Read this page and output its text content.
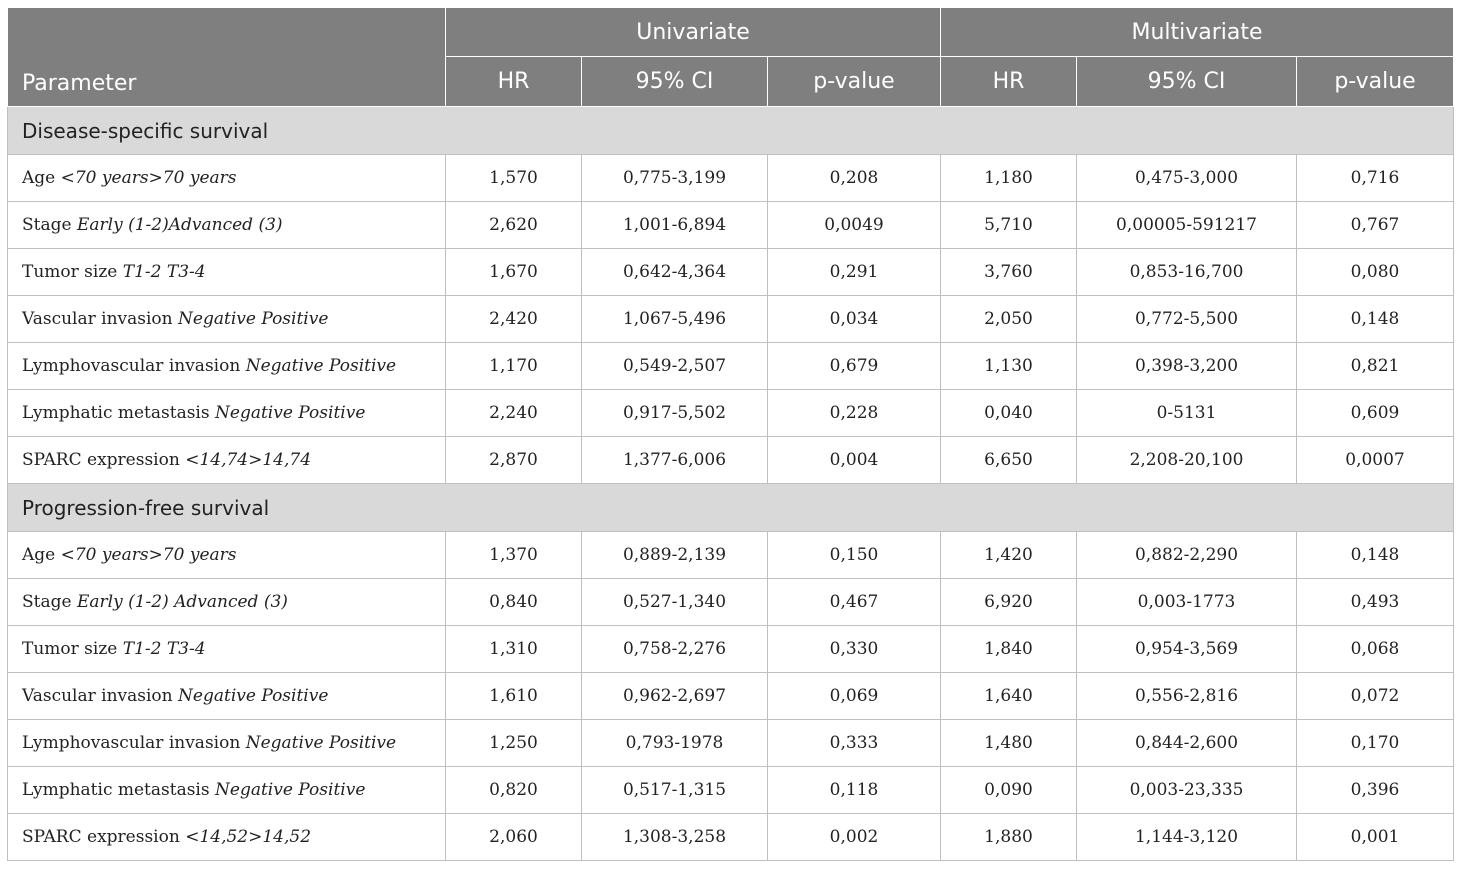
Parameter	Univariate			Multivariate		
	HR	95% CI	p-value	HR	95% CI	p-value
Disease-specific survival						
Age <70 years>70 years	1,570	0,775-3,199	0,208	1,180	0,475-3,000	0,716
Stage Early (1-2)Advanced (3)	2,620	1,001-6,894	0,0049	5,710	0,00005-591217	0,767
Tumor size T1-2 T3-4	1,670	0,642-4,364	0,291	3,760	0,853-16,700	0,080
Vascular invasion Negative Positive	2,420	1,067-5,496	0,034	2,050	0,772-5,500	0,148
Lymphovascular invasion Negative Positive	1,170	0,549-2,507	0,679	1,130	0,398-3,200	0,821
Lymphatic metastasis Negative Positive	2,240	0,917-5,502	0,228	0,040	0-5131	0,609
SPARC expression <14,74>14,74	2,870	1,377-6,006	0,004	6,650	2,208-20,100	0,0007
Progression-free survival						
Age <70 years>70 years	1,370	0,889-2,139	0,150	1,420	0,882-2,290	0,148
Stage Early (1-2) Advanced (3)	0,840	0,527-1,340	0,467	6,920	0,003-1773	0,493
Tumor size T1-2 T3-4	1,310	0,758-2,276	0,330	1,840	0,954-3,569	0,068
Vascular invasion Negative Positive	1,610	0,962-2,697	0,069	1,640	0,556-2,816	0,072
Lymphovascular invasion Negative Positive	1,250	0,793-1978	0,333	1,480	0,844-2,600	0,170
Lymphatic metastasis Negative Positive	0,820	0,517-1,315	0,118	0,090	0,003-23,335	0,396
SPARC expression <14,52>14,52	2,060	1,308-3,258	0,002	1,880	1,144-3,120	0,001
